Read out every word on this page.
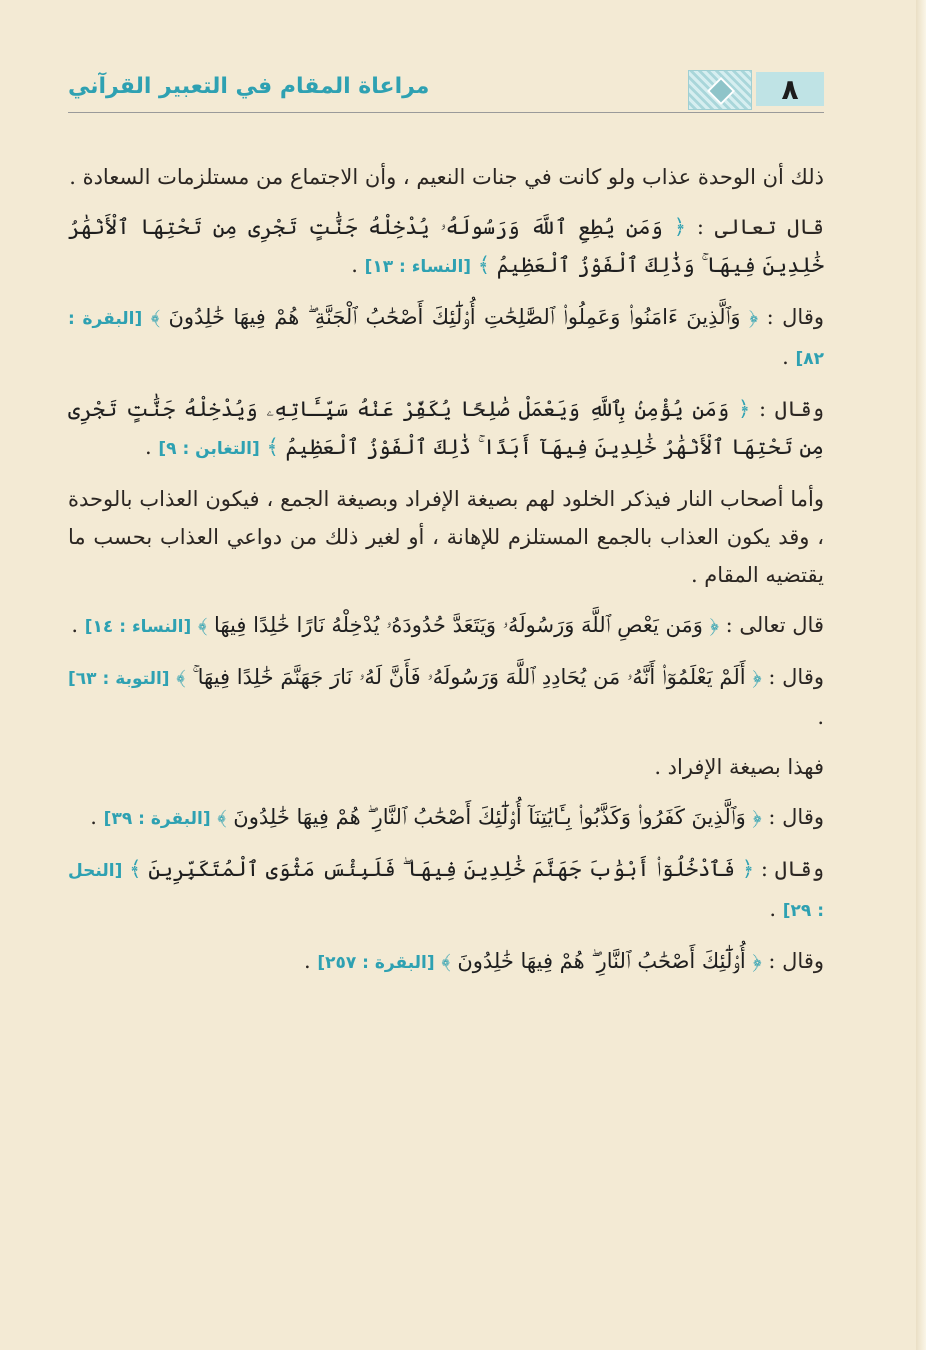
٨
مراعاة المقام في التعبير القرآني

ذلك أن الوحدة عذاب ولو كانت في جنات النعيم ، وأن الاجتماع من مستلزمات السعادة .

قال تعالى : ﴿ وَمَن يُطِعِ ٱللَّهَ وَرَسُولَهُۥ يُدْخِلْهُ جَنَّٰتٍ تَجْرِى مِن تَحْتِهَا ٱلْأَنْهَٰرُ خَٰلِدِينَ فِيهَا ۚ وَذَٰلِكَ ٱلْفَوْزُ ٱلْعَظِيمُ ﴾ [النساء : ١٣] .

وقال : ﴿ وَٱلَّذِينَ ءَامَنُوا۟ وَعَمِلُوا۟ ٱلصَّٰلِحَٰتِ أُو۟لَٰٓئِكَ أَصْحَٰبُ ٱلْجَنَّةِ ۖ هُمْ فِيهَا خَٰلِدُونَ ﴾ [البقرة : ٨٢] .

وقال : ﴿ وَمَن يُؤْمِنۢ بِٱللَّهِ وَيَعْمَلْ صَٰلِحًا يُكَفِّرْ عَنْهُ سَيِّـَٔاتِهِۦ وَيُدْخِلْهُ جَنَّٰتٍ تَجْرِى مِن تَحْتِهَا ٱلْأَنْهَٰرُ خَٰلِدِينَ فِيهَآ أَبَدًا ۚ ذَٰلِكَ ٱلْفَوْزُ ٱلْعَظِيمُ ﴾ [التغابن : ٩] .

وأما أصحاب النار فيذكر الخلود لهم بصيغة الإفراد وبصيغة الجمع ، فيكون العذاب بالوحدة ، وقد يكون العذاب بالجمع المستلزم للإهانة ، أو لغير ذلك من دواعي العذاب بحسب ما يقتضيه المقام .

قال تعالى : ﴿ وَمَن يَعْصِ ٱللَّهَ وَرَسُولَهُۥ وَيَتَعَدَّ حُدُودَهُۥ يُدْخِلْهُ نَارًا خَٰلِدًا فِيهَا ﴾ [النساء : ١٤] .

وقال : ﴿ أَلَمْ يَعْلَمُوٓا۟ أَنَّهُۥ مَن يُحَادِدِ ٱللَّهَ وَرَسُولَهُۥ فَأَنَّ لَهُۥ نَارَ جَهَنَّمَ خَٰلِدًا فِيهَا ۚ ﴾ [التوبة : ٦٣] .

فهذا بصيغة الإفراد .

وقال : ﴿ وَٱلَّذِينَ كَفَرُوا۟ وَكَذَّبُوا۟ بِـَٔايَٰتِنَآ أُو۟لَٰٓئِكَ أَصْحَٰبُ ٱلنَّارِ ۖ هُمْ فِيهَا خَٰلِدُونَ ﴾ [البقرة : ٣٩] .

وقال : ﴿ فَٱدْخُلُوٓا۟ أَبْوَٰبَ جَهَنَّمَ خَٰلِدِينَ فِيهَا ۖ فَلَبِئْسَ مَثْوَى ٱلْمُتَكَبِّرِينَ ﴾ [النحل : ٢٩] .

وقال : ﴿ أُو۟لَٰٓئِكَ أَصْحَٰبُ ٱلنَّارِ ۖ هُمْ فِيهَا خَٰلِدُونَ ﴾ [البقرة : ٢٥٧] .
